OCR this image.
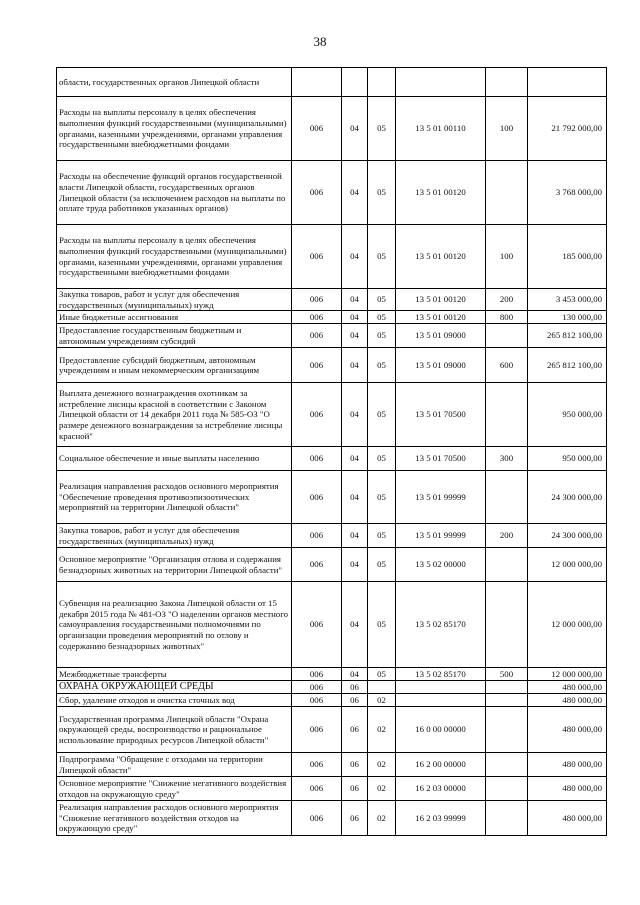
38
области, государственных органов Липецкой области						
Расходы на выплаты персоналу в целях обеспечения выполнения функций государственными (муниципальными) органами, казенными учреждениями, органами управления государственными внебюджетными фондами	006	04	05	13 5 01 00110	100	21 792 000,00
Расходы на обеспечение функций органов государственной власти Липецкой области, государственных органов Липецкой области (за исключением расходов на выплаты по оплате труда работников указанных органов)	006	04	05	13 5 01 00120		3 768 000,00
Расходы на выплаты персоналу в целях обеспечения выполнения функций государственными (муниципальными) органами, казенными учреждениями, органами управления государственными внебюджетными фондами	006	04	05	13 5 01 00120	100	185 000,00
Закупка товаров, работ и услуг для обеспечения государственных (муниципальных) нужд	006	04	05	13 5 01 00120	200	3 453 000,00
Иные бюджетные ассигнования	006	04	05	13 5 01 00120	800	130 000,00
Предоставление государственным бюджетным и автономным учреждениям субсидий	006	04	05	13 5 01 09000		265 812 100,00
Предоставление субсидий бюджетным, автономным учреждениям и иным некоммерческим организациям	006	04	05	13 5 01 09000	600	265 812 100,00
Выплата денежного вознаграждения охотникам за истребление лисицы красной в соответствии с Законом Липецкой области от 14 декабря 2011 года № 585-ОЗ "О размере денежного вознаграждения за истребление лисицы красной"	006	04	05	13 5 01 70500		950 000,00
Социальное обеспечение и иные выплаты населению	006	04	05	13 5 01 70500	300	950 000,00
Реализация направления расходов основного мероприятия "Обеспечение проведения противоэпизоотических мероприятий на территории Липецкой области"	006	04	05	13 5 01 99999		24 300 000,00
Закупка товаров, работ и услуг для обеспечения государственных (муниципальных) нужд	006	04	05	13 5 01 99999	200	24 300 000,00
Основное мероприятие "Организация отлова и содержания безнадзорных животных на территории Липецкой области"	006	04	05	13 5 02 00000		12 000 000,00
Субвенция на реализацию Закона Липецкой области от 15 декабря 2015 года № 481-ОЗ "О наделении органов местного самоуправления государственными полномочиями по организации проведения мероприятий по отлову и содержанию безнадзорных животных"	006	04	05	13 5 02 85170		12 000 000,00
Межбюджетные трансферты	006	04	05	13 5 02 85170	500	12 000 000,00
ОХРАНА ОКРУЖАЮЩЕЙ СРЕДЫ	006	06				480 000,00
Сбор, удаление отходов и очистка сточных вод	006	06	02			480 000,00
Государственная программа Липецкой области "Охрана окружающей среды, воспроизводство и рациональное использование природных ресурсов Липецкой области"	006	06	02	16 0 00 00000		480 000,00
Подпрограмма "Обращение с отходами на территории Липецкой области"	006	06	02	16 2 00 00000		480 000,00
Основное мероприятие "Снижение негативного воздействия отходов на окружающую среду"	006	06	02	16 2 03 00000		480 000,00
Реализация направления расходов основного мероприятия "Снижение негативного воздействия отходов на окружающую среду"	006	06	02	16 2 03 99999		480 000,00
